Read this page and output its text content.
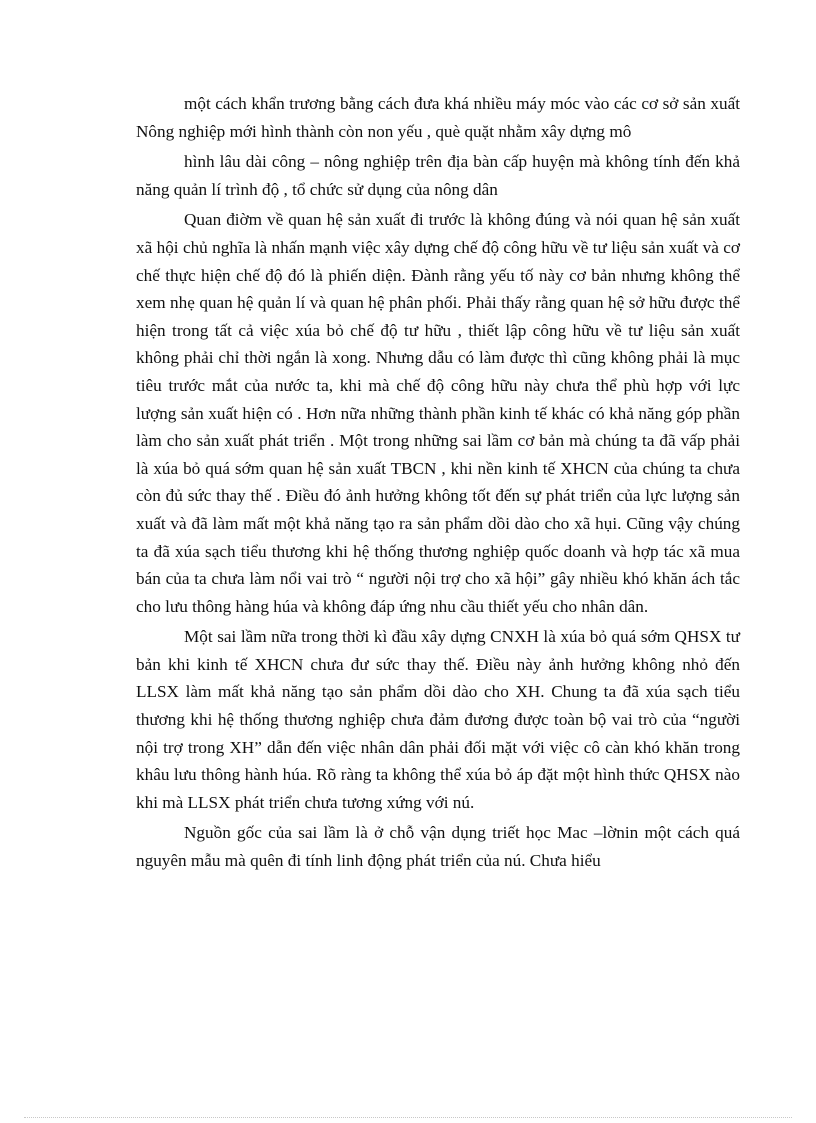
một cách khẩn trương bằng cách đưa khá nhiều máy móc vào các cơ sở sản xuất Nông nghiệp mới hình thành còn non yếu , què quặt nhằm xây dựng mô

hình lâu dài công – nông nghiệp trên địa bàn cấp huyện mà không tính đến khả năng quản lí trình độ , tổ chức sử dụng của nông dân

Quan điờm về quan hệ sản xuất đi trước là không đúng và nói quan hệ sản xuất xã hội chủ nghĩa là nhấn mạnh việc xây dựng chế độ công hữu về tư liệu sản xuất và cơ chế thực hiện chế độ đó là phiến diện. Đành rằng yếu tố này cơ bản nhưng không thể xem nhẹ quan hệ quản lí và quan hệ phân phối. Phải thấy rằng quan hệ sở hữu được thể hiện trong tất cả việc xúa bỏ chế độ tư hữu , thiết lập công hữu về tư liệu sản xuất không phải chỉ thời ngắn là xong. Nhưng dẫu có làm được thì cũng không phải là mục tiêu trước mắt của nước ta, khi mà chế độ công hữu này chưa thể phù hợp với lực lượng sản xuất hiện có . Hơn nữa những thành phần kinh tế khác có khả năng góp phần làm cho sản xuất phát triển . Một trong những sai lầm cơ bản mà chúng ta đã vấp phải là xúa bỏ quá sớm quan hệ sản xuất TBCN , khi nền kinh tế XHCN của chúng ta chưa còn đủ sức thay thế . Điều đó ảnh hưởng không tốt đến sự phát triển của lực lượng sản xuất và đã làm mất một khả năng tạo ra sản phẩm dồi dào cho xã hụi. Cũng vậy chúng ta đã xúa sạch tiểu thương khi hệ thống thương nghiệp quốc doanh và hợp tác xã mua bán của ta chưa làm nổi vai trò “ người nội trợ cho xã hội” gây nhiều khó khăn ách tắc cho lưu thông hàng húa và không đáp ứng nhu cầu thiết yếu cho nhân dân.

Một sai lầm nữa trong thời kì đầu xây dựng CNXH là xúa bỏ quá sớm QHSX tư bản khi kinh tế XHCN chưa đư sức thay thế. Điều này ảnh hưởng không nhỏ đến LLSX làm mất khả năng tạo sản phẩm dồi dào cho XH. Chung ta đã xúa sạch tiểu thương khi hệ thống thương nghiệp chưa đảm đương được toàn bộ vai trò của “người nội trợ trong XH” dẫn đến việc nhân dân phải đối mặt với việc cô càn khó khăn trong khâu lưu thông hành húa. Rõ ràng ta không thể xúa bỏ áp đặt một hình thức QHSX nào khi mà LLSX phát triển chưa tương xứng với nú.

Nguồn gốc của sai lầm là ở chỗ vận dụng triết học Mac –lờnin một cách quá nguyên mẫu mà quên đi tính linh động phát triển của nú. Chưa hiểu
